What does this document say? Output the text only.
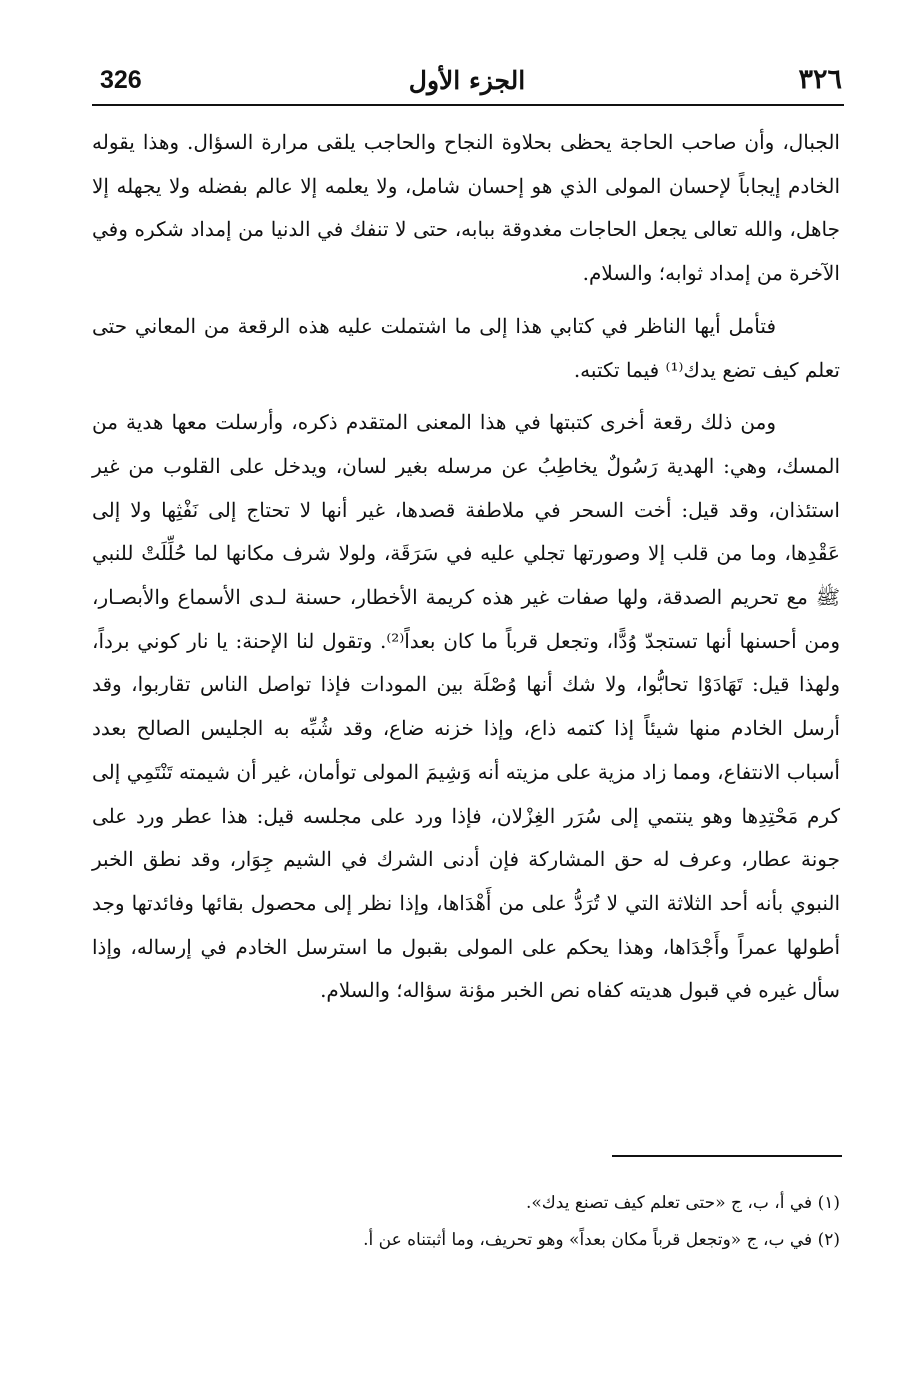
326	الجزء الأول	٣٢٦

الجبال، وأن صاحب الحاجة يحظى بحلاوة النجاح والحاجب يلقى مرارة السؤال. وهذا يقوله الخادم إيجاباً لإحسان المولى الذي هو إحسان شامل، ولا يعلمه إلا عالم بفضله ولا يجهله إلا جاهل، والله تعالى يجعل الحاجات مغدوقة ببابه، حتى لا تنفك في الدنيا من إمداد شكره وفي الآخرة من إمداد ثوابه؛ والسلام.

فتأمل أيها الناظر في كتابي هذا إلى ما اشتملت عليه هذه الرقعة من المعاني حتى تعلم كيف تضع يدك⁽¹⁾ فيما تكتبه.

ومن ذلك رقعة أخرى كتبتها في هذا المعنى المتقدم ذكره، وأرسلت معها هدية من المسك، وهي: الهدية رَسُولٌ يخاطِبُ عن مرسله بغير لسان، ويدخل على القلوب من غير استئذان، وقد قيل: أخت السحر في ملاطفة قصدها، غير أنها لا تحتاج إلى نَفْثِها ولا إلى عَقْدِها، وما من قلب إلا وصورتها تجلي عليه في سَرَقَة، ولولا شرف مكانها لما حُلِّلَتْ للنبي ﷺ مع تحريم الصدقة، ولها صفات غير هذه كريمة الأخطار، حسنة لـدى الأسماع والأبصـار، ومن أحسنها أنها تستجدّ وُدًّا، وتجعل قرباً ما كان بعداً⁽²⁾. وتقول لنا الإحنة: يا نار كوني برداً، ولهذا قيل: تَهَادَوْا تحابُّوا، ولا شك أنها وُصْلَة بين المودات فإذا تواصل الناس تقاربوا، وقد أرسل الخادم منها شيئاً إذا كتمه ذاع، وإذا خزنه ضاع، وقد شُبِّه به الجليس الصالح بعدد أسباب الانتفاع، ومما زاد مزية على مزيته أنه وَشِيمَ المولى توأمان، غير أن شيمته تَنْتَمِي إلى كرم مَحْتِدِها وهو ينتمي إلى سُرَر الغِزْلان، فإذا ورد على مجلسه قيل: هذا عطر ورد على جونة عطار، وعرف له حق المشاركة فإن أدنى الشرك في الشيم جِوَار، وقد نطق الخبر النبوي بأنه أحد الثلاثة التي لا تُرَدُّ على من أَهْدَاها، وإذا نظر إلى محصول بقائها وفائدتها وجد أطولها عمراً وأَجْدَاها، وهذا يحكم على المولى بقبول ما استرسل الخادم في إرساله، وإذا سأل غيره في قبول هديته كفاه نص الخبر مؤنة سؤاله؛ والسلام.

(١) في أ، ب، ج «حتى تعلم كيف تصنع يدك».
(٢) في ب، ج «وتجعل قرباً مكان بعداً» وهو تحريف، وما أثبتناه عن أ.
